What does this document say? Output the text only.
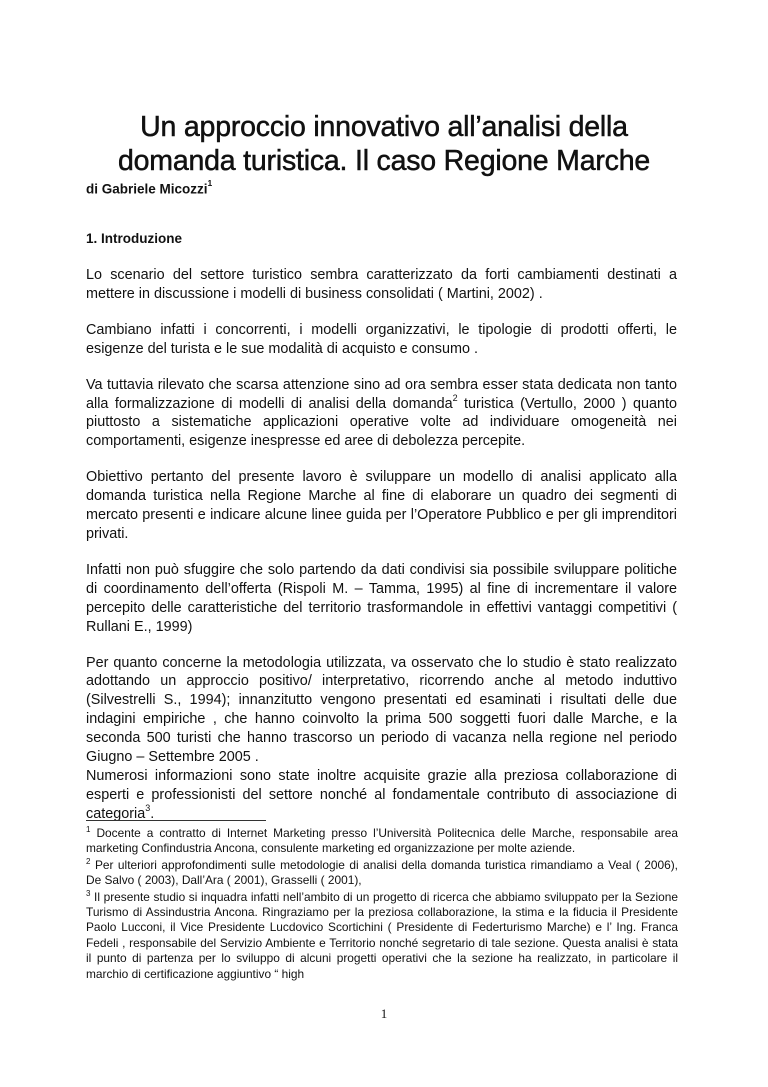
Un approccio innovativo all’analisi della
domanda turistica. Il caso Regione Marche
di Gabriele Micozzi$^1$
1. Introduzione

Lo scenario del settore turistico sembra caratterizzato da forti cambiamenti destinati a mettere in discussione i modelli di business consolidati ( Martini, 2002) .

Cambiano infatti i concorrenti, i modelli organizzativi, le tipologie di prodotti offerti, le esigenze del turista e le sue modalità di acquisto e consumo .

Va tuttavia rilevato che scarsa attenzione sino ad ora sembra esser stata dedicata non tanto alla formalizzazione di modelli di analisi della domanda$^2$ turistica (Vertullo, 2000 ) quanto piuttosto a sistematiche applicazioni operative volte ad individuare omogeneità nei comportamenti, esigenze inespresse ed aree di debolezza percepite.

Obiettivo pertanto del presente lavoro è sviluppare un modello di analisi applicato alla domanda turistica nella Regione Marche al fine di elaborare un quadro dei segmenti di mercato presenti e indicare alcune linee guida per l’Operatore Pubblico e per gli imprenditori privati.

Infatti non può sfuggire che solo partendo da dati condivisi sia possibile sviluppare politiche di coordinamento dell’offerta (Rispoli M. – Tamma, 1995) al fine di incrementare il valore percepito delle caratteristiche del territorio trasformandole in effettivi vantaggi competitivi ( Rullani E., 1999)

Per quanto concerne la metodologia utilizzata, va osservato che lo studio è stato realizzato adottando un approccio positivo/ interpretativo, ricorrendo anche al metodo induttivo (Silvestrelli S., 1994); innanzitutto vengono presentati ed esaminati i risultati delle due indagini empiriche , che hanno coinvolto la prima 500 soggetti fuori dalle Marche, e la seconda 500 turisti che hanno trascorso un periodo di vacanza nella regione nel periodo Giugno – Settembre 2005 .

Numerosi informazioni sono state inoltre acquisite grazie alla preziosa collaborazione di esperti e professionisti del settore nonché al fondamentale contributo di associazione di categoria$^3$.

$^1$ Docente a contratto di Internet Marketing presso l’Università Politecnica delle Marche, responsabile area marketing Confindustria Ancona, consulente marketing ed organizzazione per molte aziende.

$^2$ Per ulteriori approfondimenti sulle metodologie di analisi della domanda turistica rimandiamo a Veal ( 2006), De Salvo ( 2003), Dall’Ara ( 2001), Grasselli ( 2001),

$^3$ Il presente studio si inquadra infatti nell’ambito di un progetto di ricerca che abbiamo sviluppato per la Sezione Turismo di Assindustria Ancona. Ringraziamo per la preziosa collaborazione, la stima e la fiducia il Presidente Paolo Lucconi, il Vice Presidente Lucdovico Scortichini ( Presidente di Federturismo Marche) e l’ Ing. Franca Fedeli , responsabile del Servizio Ambiente e Territorio nonché segretario di tale sezione. Questa analisi è stata il punto di partenza per lo sviluppo di alcuni progetti operativi che la sezione ha realizzato, in particolare il marchio di certificazione aggiuntivo “ high

1
